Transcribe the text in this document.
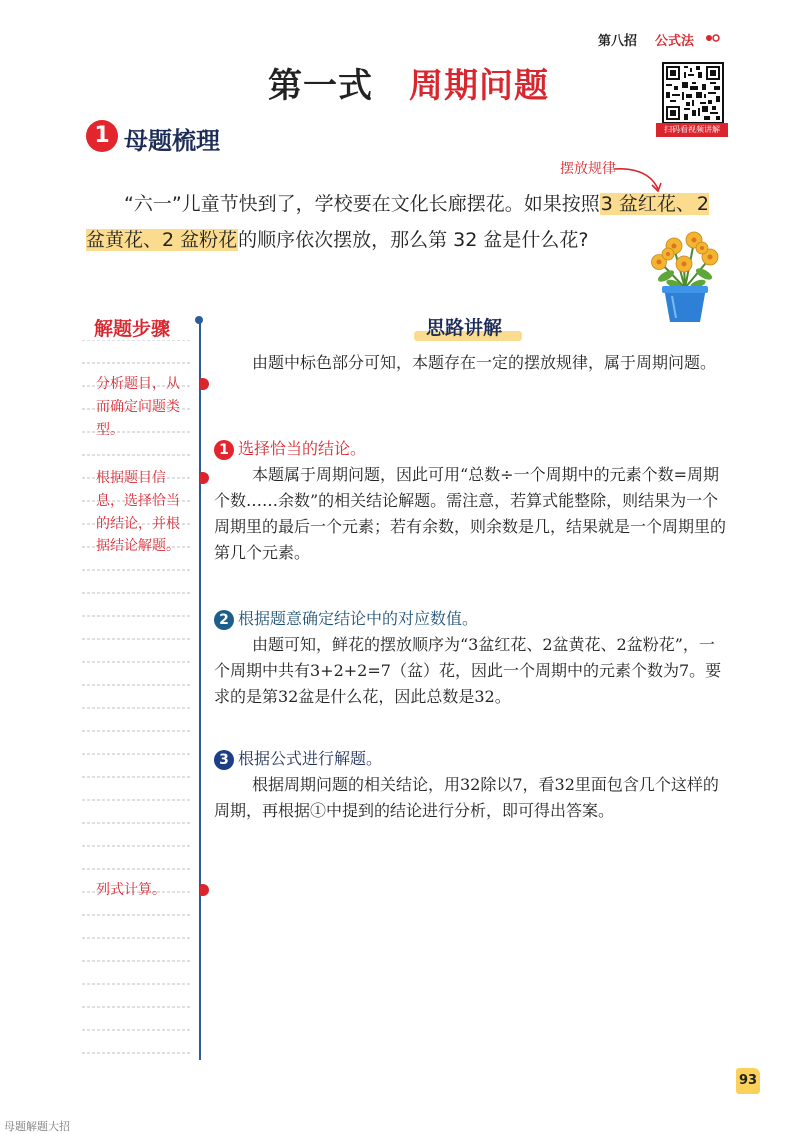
第八招 公式法
扫码看视频讲解
第一式 周期问题
1 母题梳理
摆放规律
“六一”儿童节快到了，学校要在文化长廊摆花。如果按照3 盆红花、 2 盆黄花、2 盆粉花的顺序依次摆放，那么第 32 盆是什么花?
解题步骤
分析题目，从而确定问题类型。
根据题目信息，选择恰当的结论，并根据结论解题。
列式计算。
思路讲解
由题中标色部分可知，本题存在一定的摆放规律，属于周期问题。
1 选择恰当的结论。
本题属于周期问题，因此可用“总数÷一个周期中的元素个数=周期个数……余数”的相关结论解题。需注意，若算式能整除，则结果为一个周期里的最后一个元素；若有余数，则余数是几，结果就是一个周期里的第几个元素。
2 根据题意确定结论中的对应数值。
由题可知，鲜花的摆放顺序为“3盆红花、2盆黄花、2盆粉花”，一个周期中共有3+2+2=7（盆）花，因此一个周期中的元素个数为7。要求的是第32盆是什么花，因此总数是32。
3 根据公式进行解题。
根据周期问题的相关结论，用32除以7，看32里面包含几个这样的周期，再根据①中提到的结论进行分析，即可得出答案。
93
母题解题大招
